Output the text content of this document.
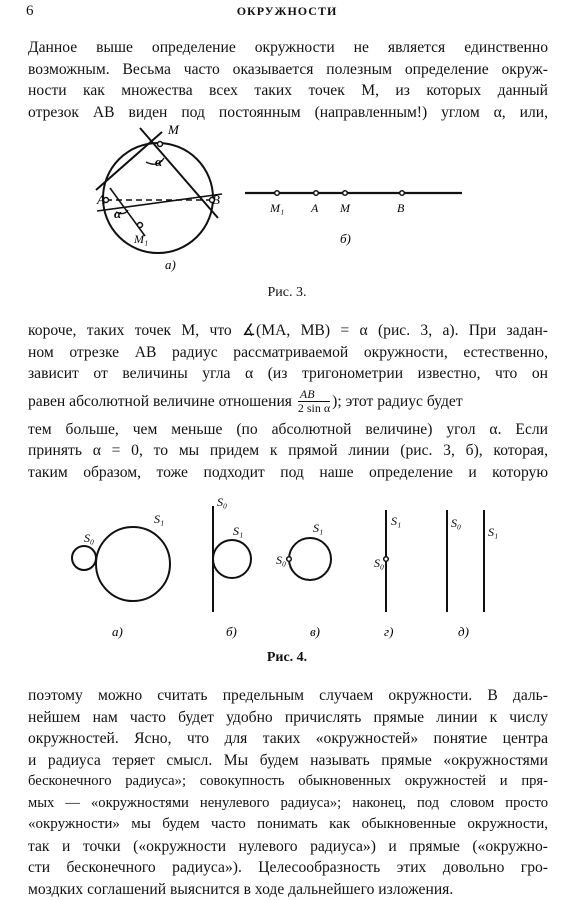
6	ОКРУЖНОСТИ

Данное выше определение окружности не является единственно
возможным. Весьма часто оказывается полезным определение окруж-
ности как множества всех таких точек M, из которых данный
отрезок AB виден под постоянным (направленным!) углом α, или,

M
α
A	B
α
M₁
а)
M₁ A M	B
б)
Рис. 3.

короче, таких точек M, что ∡(MA, MB) = α (рис. 3, а). При задан-
ном отрезке AB радиус рассматриваемой окружности, естественно,
зависит от величины угла α (из тригонометрии известно, что он
равен абсолютной величине отношения $\frac{AB}{\text{2 sin α}}$ ); этот радиус будет
тем больше, чем меньше (по абсолютной величине) угол α. Если
принять α = 0, то мы придем к прямой линии (рис. 3, б), которая,
таким образом, тоже подходит под наше определение и которую

S₀
S₁
S₀
S₁	S₁
S₀
S₁
S₀
S₀
S₁
а)	б)	в)	г)	д)
Рис. 4.

поэтому можно считать предельным случаем окружности. В даль-
нейшем нам часто будет удобно причислять прямые линии к числу
окружностей. Ясно, что для таких «окружностей» понятие центра
и радиуса теряет смысл. Мы будем называть прямые «окружностями
бесконечного радиуса»; совокупность обыкновенных окружностей и пря-
мых — «окружностями ненулевого радиуса»; наконец, под словом просто
«окружности» мы будем часто понимать как обыкновенные окружности,
так и точки («окружности нулевого радиуса») и прямые («окружно-
сти бесконечного радиуса»). Целесообразность этих довольно гро-
моздких соглашений выяснится в ходе дальнейшего изложения.
